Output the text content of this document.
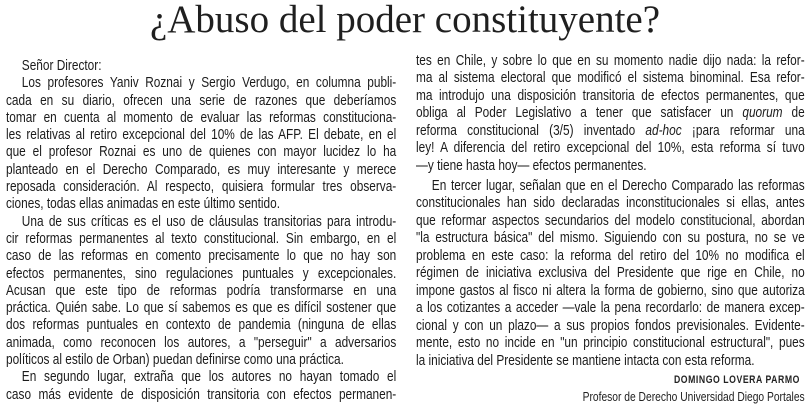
¿Abuso del poder constituyente?
Señor Director:
Los profesores Yaniv Roznai y Sergio Verdugo, en columna publi-
cada en su diario, ofrecen una serie de razones que deberíamos
tomar en cuenta al momento de evaluar las reformas constituciona-
les relativas al retiro excepcional del 10% de las AFP. El debate, en el
que el profesor Roznai es uno de quienes con mayor lucidez lo ha
planteado en el Derecho Comparado, es muy interesante y merece
reposada consideración. Al respecto, quisiera formular tres observa-
ciones, todas ellas animadas en este último sentido.
Una de sus críticas es el uso de cláusulas transitorias para introdu-
cir reformas permanentes al texto constitucional. Sin embargo, en el
caso de las reformas en comento precisamente lo que no hay son
efectos permanentes, sino regulaciones puntuales y excepcionales.
Acusan que este tipo de reformas podría transformarse en una
práctica. Quién sabe. Lo que sí sabemos es que es difícil sostener que
dos reformas puntuales en contexto de pandemia (ninguna de ellas
animada, como reconocen los autores, a "perseguir" a adversarios
políticos al estilo de Orban) puedan definirse como una práctica.
En segundo lugar, extraña que los autores no hayan tomado el
caso más evidente de disposición transitoria con efectos permanen-
tes en Chile, y sobre lo que en su momento nadie dijo nada: la refor-
ma al sistema electoral que modificó el sistema binominal. Esa refor-
ma introdujo una disposición transitoria de efectos permanentes, que
obliga al Poder Legislativo a tener que satisfacer un quorum de
reforma constitucional (3/5) inventado ad-hoc ¡para reformar una
ley! A diferencia del retiro excepcional del 10%, esta reforma sí tuvo
—y tiene hasta hoy— efectos permanentes.
En tercer lugar, señalan que en el Derecho Comparado las reformas
constitucionales han sido declaradas inconstitucionales si ellas, antes
que reformar aspectos secundarios del modelo constitucional, abordan
"la estructura básica" del mismo. Siguiendo con su postura, no se ve
problema en este caso: la reforma del retiro del 10% no modifica el
régimen de iniciativa exclusiva del Presidente que rige en Chile, no
impone gastos al fisco ni altera la forma de gobierno, sino que autoriza
a los cotizantes a acceder —vale la pena recordarlo: de manera excep-
cional y con un plazo— a sus propios fondos previsionales. Evidente-
mente, esto no incide en "un principio constitucional estructural", pues
la iniciativa del Presidente se mantiene intacta con esta reforma.
DOMINGO LOVERA PARMO
Profesor de Derecho Universidad Diego Portales
